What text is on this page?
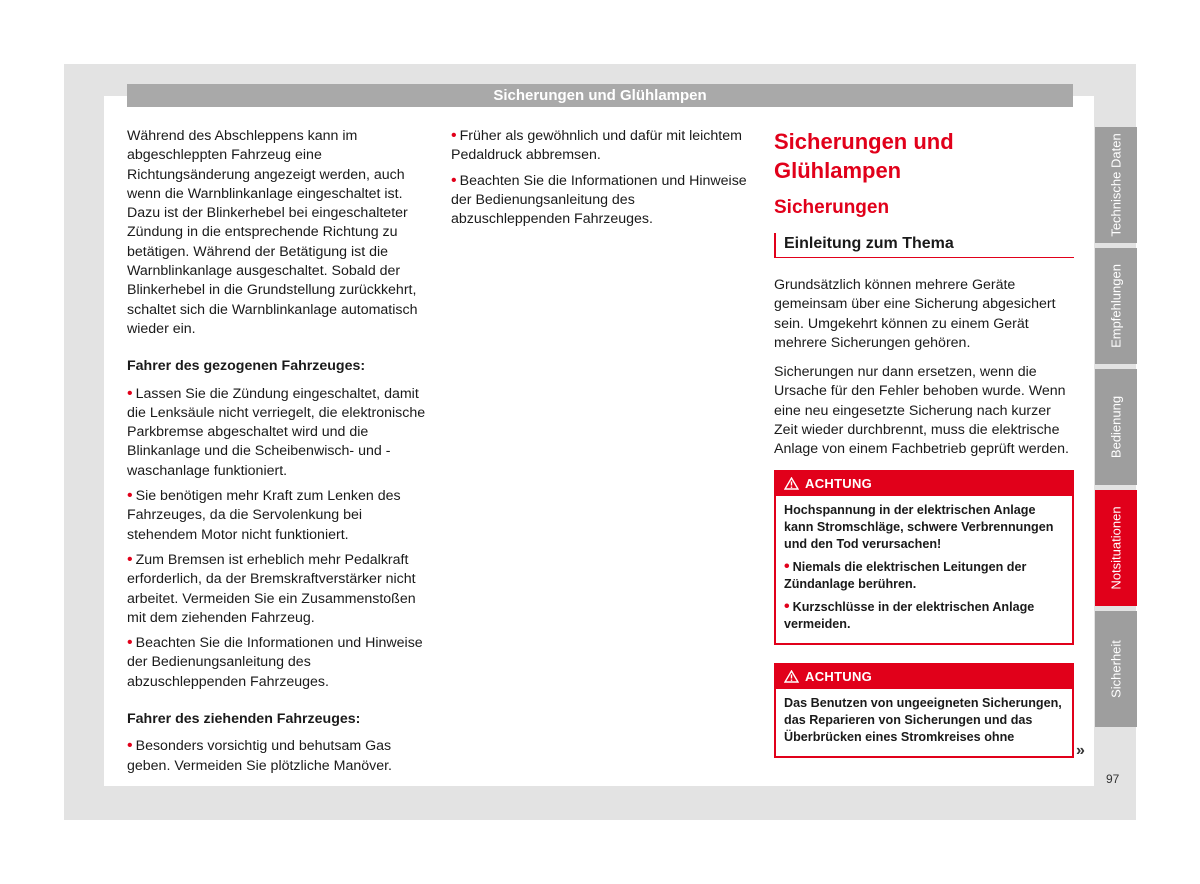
Sicherungen und Glühlampen

Während des Abschleppens kann im abgeschleppten Fahrzeug eine Richtungsänderung angezeigt werden, auch wenn die Warnblinkanlage eingeschaltet ist. Dazu ist der Blinkerhebel bei eingeschalteter Zündung in die entsprechende Richtung zu betätigen. Während der Betätigung ist die Warnblinkanlage ausgeschaltet. Sobald der Blinkerhebel in die Grundstellung zurückkehrt, schaltet sich die Warnblinkanlage automatisch wieder ein.

Fahrer des gezogenen Fahrzeuges:
• Lassen Sie die Zündung eingeschaltet, damit die Lenksäule nicht verriegelt, die elektronische Parkbremse abgeschaltet wird und die Blinkanlage und die Scheibenwisch- und -waschanlage funktioniert.
• Sie benötigen mehr Kraft zum Lenken des Fahrzeuges, da die Servolenkung bei stehendem Motor nicht funktioniert.
• Zum Bremsen ist erheblich mehr Pedalkraft erforderlich, da der Bremskraftverstärker nicht arbeitet. Vermeiden Sie ein Zusammenstoßen mit dem ziehenden Fahrzeug.
• Beachten Sie die Informationen und Hinweise der Bedienungsanleitung des abzuschleppenden Fahrzeuges.
Fahrer des ziehenden Fahrzeuges:
• Besonders vorsichtig und behutsam Gas geben. Vermeiden Sie plötzliche Manöver.
• Früher als gewöhnlich und dafür mit leichtem Pedaldruck abbremsen.
• Beachten Sie die Informationen und Hinweise der Bedienungsanleitung des abzuschleppenden Fahrzeuges.
Sicherungen und Glühlampen
Sicherungen
Einleitung zum Thema

Grundsätzlich können mehrere Geräte gemeinsam über eine Sicherung abgesichert sein. Umgekehrt können zu einem Gerät mehrere Sicherungen gehören.

Sicherungen nur dann ersetzen, wenn die Ursache für den Fehler behoben wurde. Wenn eine neu eingesetzte Sicherung nach kurzer Zeit wieder durchbrennt, muss die elektrische Anlage von einem Fachbetrieb geprüft werden.

ACHTUNG

Hochspannung in der elektrischen Anlage kann Stromschläge, schwere Verbrennungen und den Tod verursachen!

• Niemals die elektrischen Leitungen der Zündanlage berühren.

• Kurzschlüsse in der elektrischen Anlage vermeiden.

ACHTUNG

Das Benutzen von ungeeigneten Sicherungen, das Reparieren von Sicherungen und das Überbrücken eines Stromkreises ohne

»
Technische Daten
Empfehlungen
Bedienung
Notsituationen
Sicherheit
97
